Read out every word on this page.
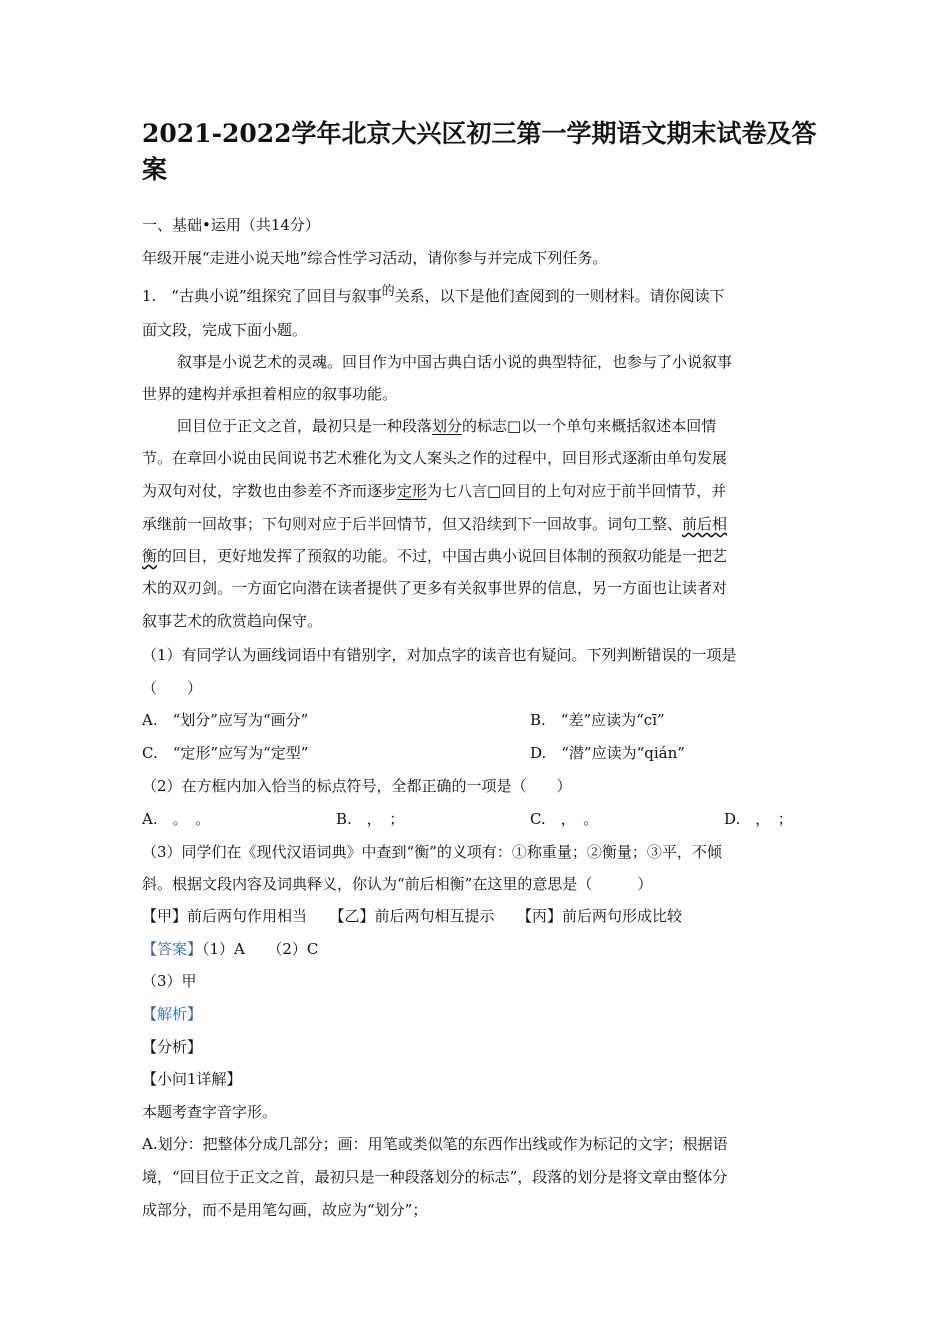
2021-2022学年北京大兴区初三第一学期语文期末试卷及答案
一、基础•运用（共14分）
年级开展“走进小说天地”综合性学习活动，请你参与并完成下列任务。
1.　“古典小说”组探究了回目与叙事的关系，以下是他们查阅到的一则材料。请你阅读下
面文段，完成下面小题。
叙事是小说艺术的灵魂。回目作为中国古典白话小说的典型特征，也参与了小说叙事
世界的建构并承担着相应的叙事功能。
回目位于正文之首，最初只是一种段落划分的标志□以一个单句来概括叙述本回情
节。在章回小说由民间说书艺术雅化为文人案头之作的过程中，回目形式逐渐由单句发展
为双句对仗，字数也由参差不齐而逐步定形为七八言□回目的上句对应于前半回情节，并
承继前一回故事；下句则对应于后半回情节，但又沿续到下一回故事。词句工整、前后相
衡的回目，更好地发挥了预叙的功能。不过，中国古典小说回目体制的预叙功能是一把艺
术的双刃剑。一方面它向潜在读者提供了更多有关叙事世界的信息，另一方面也让读者对
叙事艺术的欣赏趋向保守。
（1）有同学认为画线词语中有错别字，对加点字的读音也有疑问。下列判断错误的一项是
（　　）
A.　“划分”应写为“画分”	B.　“差”应读为“cī”
C.　“定形”应写为“定型”	D.　“潜”应读为“qián”
（2）在方框内加入恰当的标点符号，全都正确的一项是（　　）
A.　。　。	B.　，　；	C.　，　。	D.　，　；
（3）同学们在《现代汉语词典》中查到“衡”的义项有：①称重量；②衡量；③平，不倾
斜。根据文段内容及词典释义，你认为“前后相衡”在这里的意思是（　　　）
【甲】前后两句作用相当　　【乙】前后两句相互提示　　【丙】前后两句形成比较
【答案】（1）A　　（2）C
（3）甲
【解析】
【分析】
【小问1详解】
本题考查字音字形。
A.划分：把整体分成几部分；画：用笔或类似笔的东西作出线或作为标记的文字；根据语
境，“回目位于正文之首，最初只是一种段落划分的标志”，段落的划分是将文章由整体分
成部分，而不是用笔勾画，故应为“划分”；
